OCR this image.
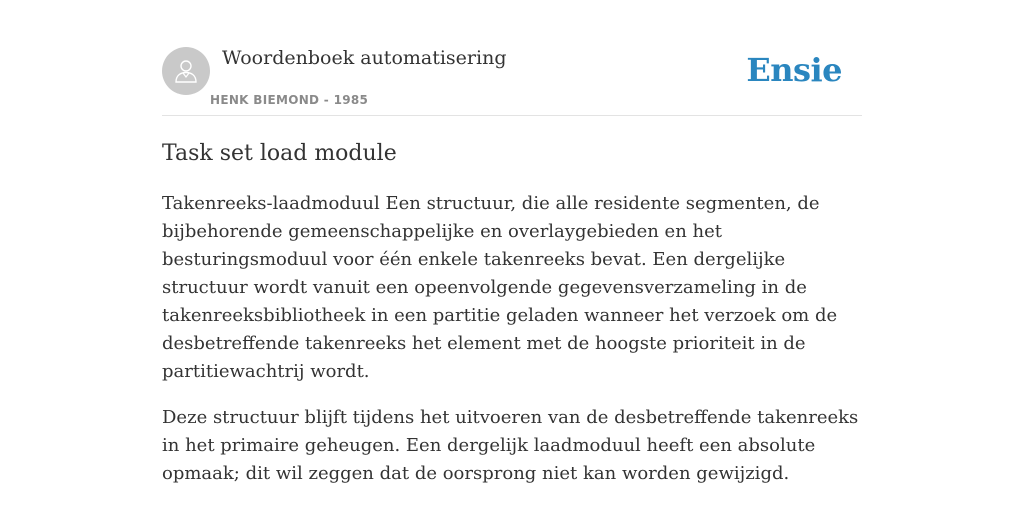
Woordenboek automatisering
HENK BIEMOND - 1985
Ensie
Task set load module

Takenreeks-laadmoduul Een structuur, die alle residente segmenten, de bijbehorende gemeenschappelijke en overlaygebieden en het besturingsmoduul voor één enkele takenreeks bevat. Een dergelijke structuur wordt vanuit een opeenvolgende gegevensverzameling in de takenreeksbibliotheek in een partitie geladen wanneer het verzoek om de desbetreffende takenreeks het element met de hoogste prioriteit in de partitiewachtrij wordt.

Deze structuur blijft tijdens het uitvoeren van de desbetreffende takenreeks in het primaire geheugen. Een dergelijk laadmoduul heeft een absolute opmaak; dit wil zeggen dat de oorsprong niet kan worden gewijzigd.
